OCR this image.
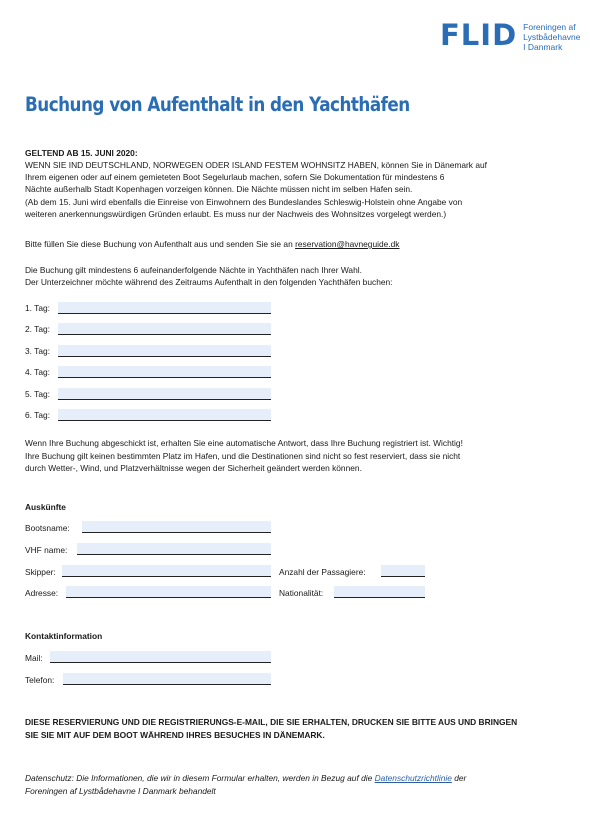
FLID Foreningen af
Lystbådehavne
I Danmark
Buchung von Aufenthalt in den Yachthäfen
GELTEND AB 15. JUNI 2020:
WENN SIE IND DEUTSCHLAND, NORWEGEN ODER ISLAND FESTEM WOHNSITZ HABEN, können Sie in Dänemark auf
Ihrem eigenen oder auf einem gemieteten Boot Segelurlaub machen, sofern Sie Dokumentation für mindestens 6
Nächte außerhalb Stadt Kopenhagen vorzeigen können. Die Nächte müssen nicht im selben Hafen sein.
(Ab dem 15. Juni wird ebenfalls die Einreise von Einwohnern des Bundeslandes Schleswig-Holstein ohne Angabe von
weiteren anerkennungswürdigen Gründen erlaubt. Es muss nur der Nachweis des Wohnsitzes vorgelegt werden.)
Bitte füllen Sie diese Buchung von Aufenthalt aus und senden Sie sie an reservation@havneguide.dk
Die Buchung gilt mindestens 6 aufeinanderfolgende Nächte in Yachthäfen nach Ihrer Wahl.
Der Unterzeichner möchte während des Zeitraums Aufenthalt in den folgenden Yachthäfen buchen:
1. Tag:
2. Tag:
3. Tag:
4. Tag:
5. Tag:
6. Tag:
Wenn Ihre Buchung abgeschickt ist, erhalten Sie eine automatische Antwort, dass Ihre Buchung registriert ist. Wichtig!
Ihre Buchung gilt keinen bestimmten Platz im Hafen, und die Destinationen sind nicht so fest reserviert, dass sie nicht
durch Wetter-, Wind, und Platzverhältnisse wegen der Sicherheit geändert werden können.
Auskünfte
Bootsname:
VHF name:
Skipper:	Anzahl der Passagiere:
Adresse:	Nationalität:
Kontaktinformation
Mail:
Telefon:
DIESE RESERVIERUNG UND DIE REGISTRIERUNGS-E-MAIL, DIE SIE ERHALTEN, DRUCKEN SIE BITTE AUS UND BRINGEN
SIE SIE MIT AUF DEM BOOT WÄHREND IHRES BESUCHES IN DÄNEMARK.
Datenschutz: Die Informationen, die wir in diesem Formular erhalten, werden in Bezug auf die Datenschutzrichtlinie der
Foreningen af Lystbådehavne I Danmark behandelt
